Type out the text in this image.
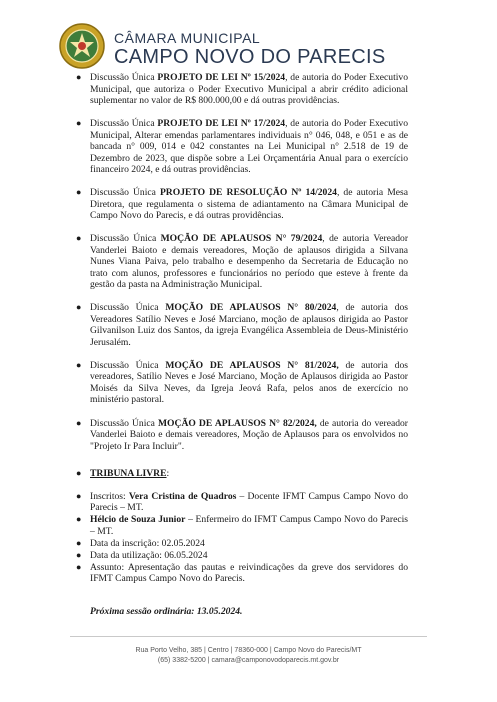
CÂMARA MUNICIPAL
CAMPO NOVO DO PARECIS
● Discussão Única PROJETO DE LEI Nº 15/2024, de autoria do Poder Executivo Municipal, que autoriza o Poder Executivo Municipal a abrir crédito adicional suplementar no valor de R$ 800.000,00 e dá outras providências.
● Discussão Única PROJETO DE LEI Nº 17/2024, de autoria do Poder Executivo Municipal, Alterar emendas parlamentares individuais n° 046, 048, e 051 e as de bancada n° 009, 014 e 042 constantes na Lei Municipal n° 2.518 de 19 de Dezembro de 2023, que dispõe sobre a Lei Orçamentária Anual para o exercício financeiro 2024, e dá outras providências.
● Discussão Única PROJETO DE RESOLUÇÃO Nº 14/2024, de autoria Mesa Diretora, que regulamenta o sistema de adiantamento na Câmara Municipal de Campo Novo do Parecis, e dá outras providências.
● Discussão Única MOÇÃO DE APLAUSOS N° 79/2024, de autoria Vereador Vanderlei Baioto e demais vereadores, Moção de aplausos dirigida a Silvana Nunes Viana Paiva, pelo trabalho e desempenho da Secretaria de Educação no trato com alunos, professores e funcionários no período que esteve à frente da gestão da pasta na Administração Municipal.
● Discussão Única MOÇÃO DE APLAUSOS N° 80/2024, de autoria dos Vereadores Satílio Neves e José Marciano, moção de aplausos dirigida ao Pastor Gilvanilson Luiz dos Santos, da igreja Evangélica Assembleia de Deus-Ministério Jerusalém.
● Discussão Única MOÇÃO DE APLAUSOS N° 81/2024, de autoria dos vereadores, Satílio Neves e José Marciano, Moção de Aplausos dirigida ao Pastor Moisés da Silva Neves, da Igreja Jeová Rafa, pelos anos de exercício no ministério pastoral.
● Discussão Única MOÇÃO DE APLAUSOS N° 82/2024, de autoria do vereador Vanderlei Baioto e demais vereadores, Moção de Aplausos para os envolvidos no "Projeto Ir Para Incluir".
● TRIBUNA LIVRE:
● Inscritos: Vera Cristina de Quadros – Docente IFMT Campus Campo Novo do Parecis – MT.
● Hélcio de Souza Junior – Enfermeiro do IFMT Campus Campo Novo do Parecis – MT.
● Data da inscrição: 02.05.2024
● Data da utilização: 06.05.2024
● Assunto: Apresentação das pautas e reivindicações da greve dos servidores do IFMT Campus Campo Novo do Parecis.
Próxima sessão ordinária: 13.05.2024.
Rua Porto Velho, 385 | Centro | 78360-000 | Campo Novo do Parecis/MT
(65) 3382-5200 | camara@camponovodoparecis.mt.gov.br
